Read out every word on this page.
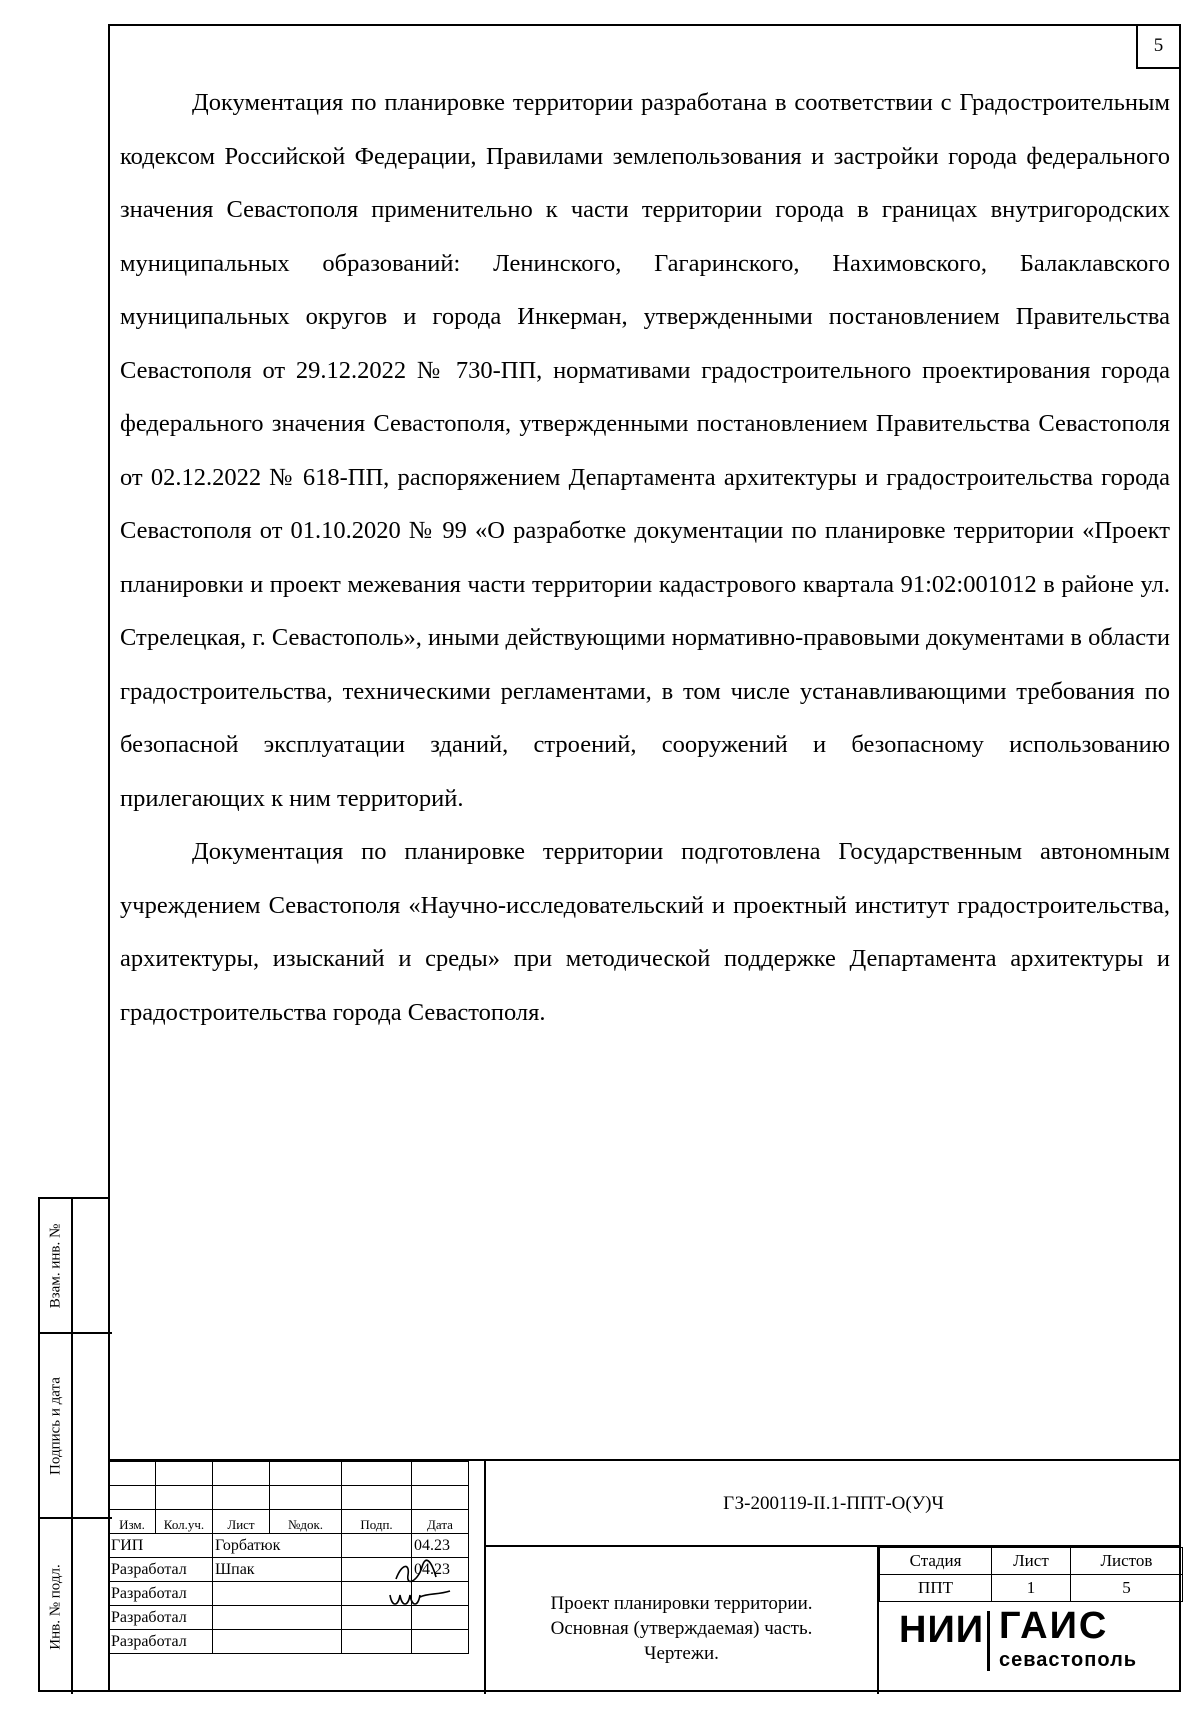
5

Документация по планировке территории разработана в соответствии с Градостроительным кодексом Российской Федерации, Правилами землепользования и застройки города федерального значения Севастополя применительно к части территории города в границах внутригородских муниципальных образований: Ленинского, Гагаринского, Нахимовского, Балаклавского муниципальных округов и города Инкерман, утвержденными постановлением Правительства Севастополя от 29.12.2022 № 730-ПП, нормативами градостроительного проектирования города федерального значения Севастополя, утвержденными постановлением Правительства Севастополя от 02.12.2022 № 618-ПП, распоряжением Департамента архитектуры и градостроительства города Севастополя от 01.10.2020 № 99 «О разработке документации по планировке территории «Проект планировки и проект межевания части территории кадастрового квартала 91:02:001012 в районе ул. Стрелецкая, г. Севастополь», иными действующими нормативно-правовыми документами в области градостроительства, техническими регламентами, в том числе устанавливающими требования по безопасной эксплуатации зданий, строений, сооружений и безопасному использованию прилегающих к ним территорий.

Документация по планировке территории подготовлена Государственным автономным учреждением Севастополя «Научно-исследовательский и проектный институт градостроительства, архитектуры, изысканий и среды» при методической поддержке Департамента архитектуры и градостроительства города Севастополя.

Взам. инв. №
Подпись и дата
Инв. № подл.

Изм.	Кол.уч.	Лист	№док.	Подп.	Дата
ГИП		Горбатюк			04.23
Разработал		Шпак			04.23
Разработал					
Разработал					
Разработал					
ГЗ-200119-II.1-ППТ-О(У)Ч
Проект планировки территории.
Основная (утверждаемая) часть.
Чертежи.
Стадия	Лист	Листов
ППТ	1	5
НИИ ГАИС
севастополь
